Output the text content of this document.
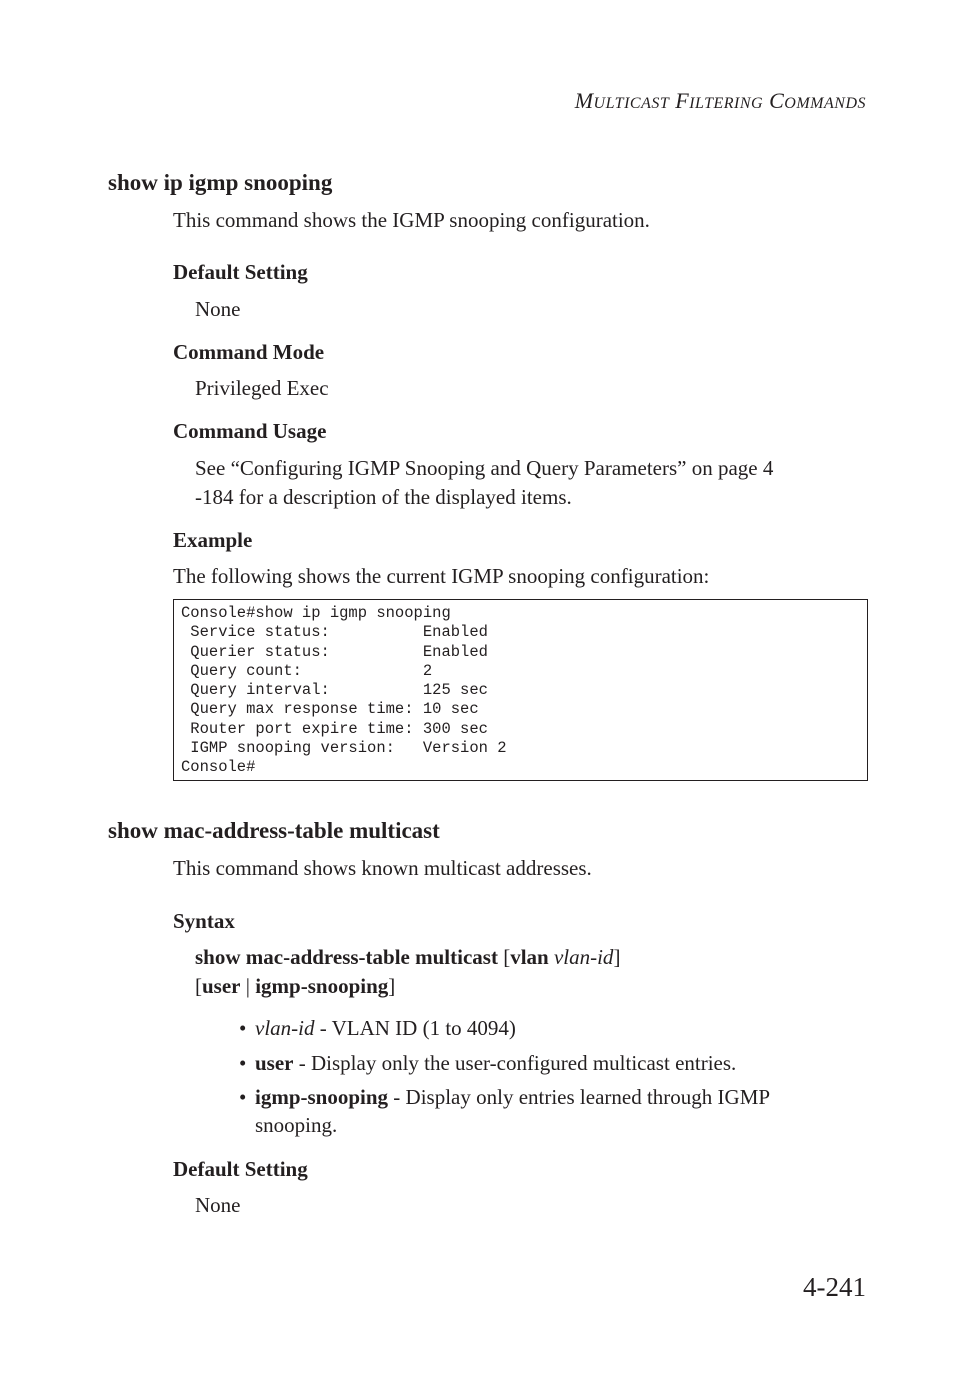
MULTICAST FILTERING COMMANDS
show ip igmp snooping
This command shows the IGMP snooping configuration.
Default Setting
None
Command Mode
Privileged Exec
Command Usage
See “Configuring IGMP Snooping and Query Parameters” on page 4
-184 for a description of the displayed items.
Example
The following shows the current IGMP snooping configuration:
Console#show ip igmp snooping
Service status:          Enabled
Querier status:          Enabled
Query count:             2
Query interval:          125 sec
Query max response time: 10 sec
Router port expire time: 300 sec
IGMP snooping version:   Version 2
Console#
show mac-address-table multicast
This command shows known multicast addresses.
Syntax
show mac-address-table multicast [vlan vlan-id]
[user | igmp-snooping]
• vlan-id - VLAN ID (1 to 4094)
• user - Display only the user-configured multicast entries.
• igmp-snooping - Display only entries learned through IGMP
snooping.
Default Setting
None
4-241
